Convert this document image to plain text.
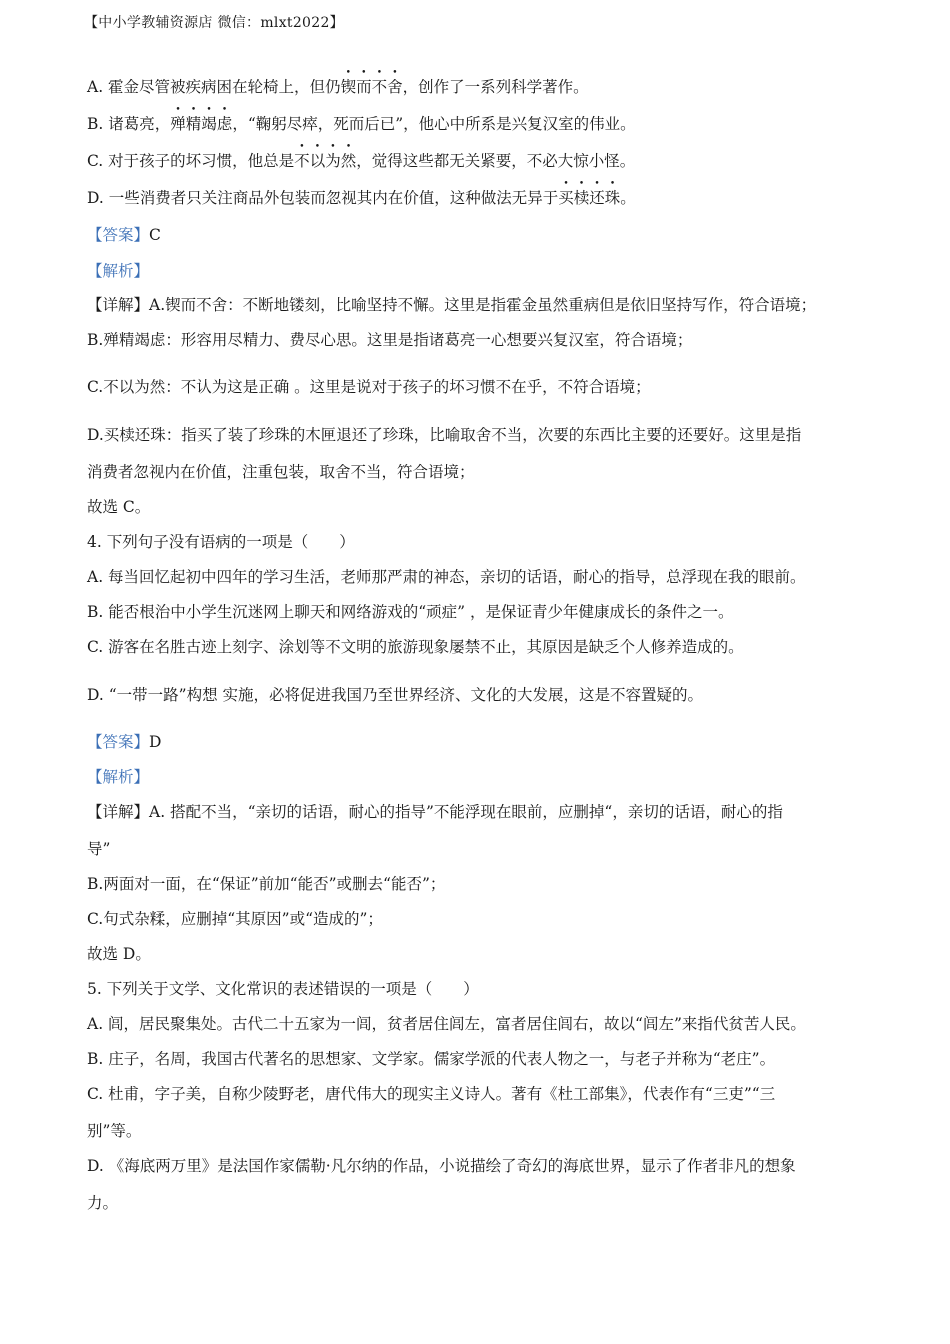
【中小学教辅资源店 微信：mlxt2022】
A. 霍金尽管被疾病困在轮椅上，但仍锲而不舍，创作了一系列科学著作。
B. 诸葛亮，殚精竭虑，“鞠躬尽瘁，死而后已”，他心中所系是兴复汉室的伟业。
C. 对于孩子的坏习惯，他总是不以为然，觉得这些都无关紧要，不必大惊小怪。
D. 一些消费者只关注商品外包装而忽视其内在价值，这种做法无异于买椟还珠。
【答案】C
【解析】
【详解】A.锲而不舍：不断地镂刻，比喻坚持不懈。这里是指霍金虽然重病但是依旧坚持写作，符合语境；
B.殚精竭虑：形容用尽精力、费尽心思。这里是指诸葛亮一心想要兴复汉室，符合语境；
C.不以为然：不认为这是正确 。这里是说对于孩子的坏习惯不在乎，不符合语境；
D.买椟还珠：指买了装了珍珠的木匣退还了珍珠，比喻取舍不当，次要的东西比主要的还要好。这里是指
消费者忽视内在价值，注重包装，取舍不当，符合语境；
故选 C。
4. 下列句子没有语病的一项是（　　）
A. 每当回忆起初中四年的学习生活，老师那严肃的神态，亲切的话语，耐心的指导，总浮现在我的眼前。
B. 能否根治中小学生沉迷网上聊天和网络游戏的“顽症” ，是保证青少年健康成长的条件之一。
C. 游客在名胜古迹上刻字、涂划等不文明的旅游现象屡禁不止，其原因是缺乏个人修养造成的。
D. “一带一路”构想 实施，必将促进我国乃至世界经济、文化的大发展，这是不容置疑的。
【答案】D
【解析】
【详解】A. 搭配不当，“亲切的话语，耐心的指导”不能浮现在眼前，应删掉“，亲切的话语，耐心的指
导”
B.两面对一面，在“保证”前加“能否”或删去“能否”；
C.句式杂糅，应删掉“其原因”或“造成的”；
故选 D。
5. 下列关于文学、文化常识的表述错误的一项是（　　）
A. 闾，居民聚集处。古代二十五家为一闾，贫者居住闾左，富者居住闾右，故以“闾左”来指代贫苦人民。
B. 庄子，名周，我国古代著名的思想家、文学家。儒家学派的代表人物之一，与老子并称为“老庄”。
C. 杜甫，字子美，自称少陵野老，唐代伟大的现实主义诗人。著有《杜工部集》，代表作有“三吏”“三
别”等。
D. 《海底两万里》是法国作家儒勒·凡尔纳的作品，小说描绘了奇幻的海底世界，显示了作者非凡的想象
力。
